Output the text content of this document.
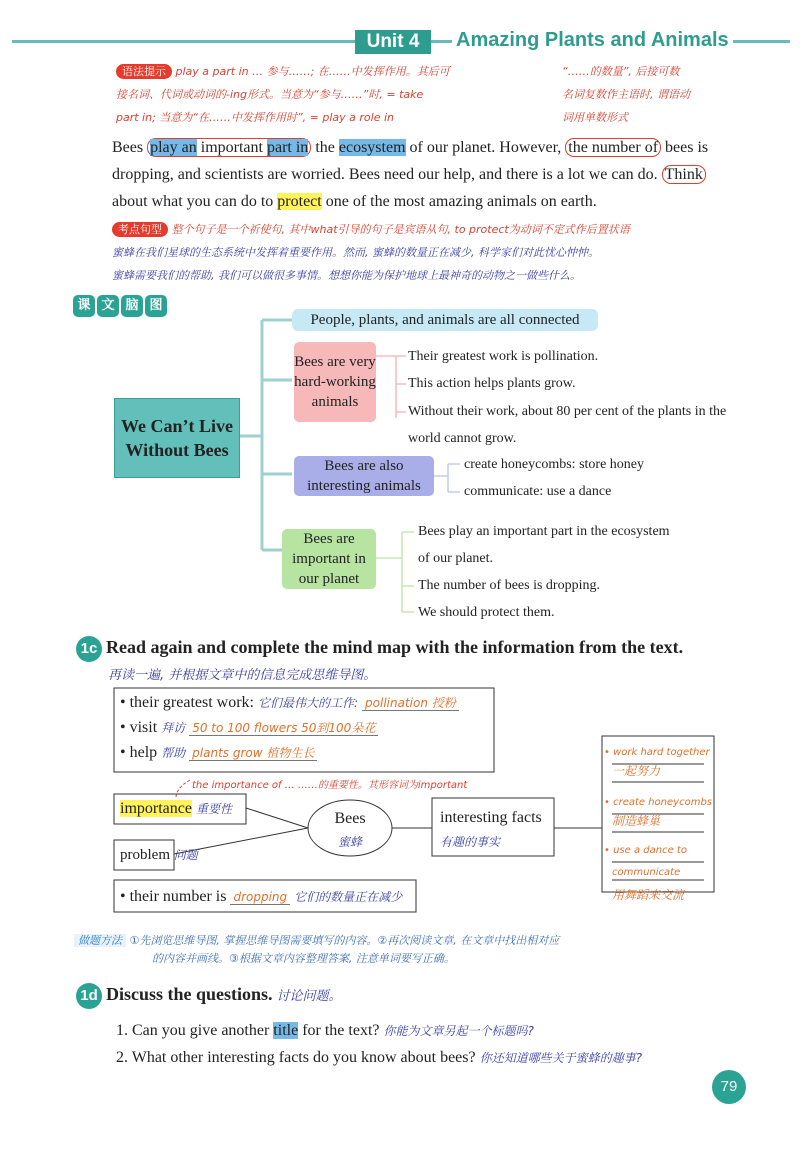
Unit 4	Amazing Plants and Animals
语法提示 play a part in … 参与……; 在……中发挥作用。其后可
接名词、代词或动词的-ing形式。当意为“参与……”时, = take
part in; 当意为“在……中发挥作用时”, = play a role in
“……的数量”, 后接可数
名词复数作主语时, 谓语动
词用单数形式
Bees play an important part in the ecosystem of our planet. However, the number of bees is dropping, and scientists are worried. Bees need our help, and there is a lot we can do. Think about what you can do to protect one of the most amazing animals on earth.
考点句型 整个句子是一个祈使句, 其中what引导的句子是宾语从句, to protect为动词不定式作后置状语
蜜蜂在我们星球的生态系统中发挥着重要作用。然而, 蜜蜂的数量正在减少, 科学家们对此忧心忡忡。
蜜蜂需要我们的帮助, 我们可以做很多事情。想想你能为保护地球上最神奇的动物之一做些什么。
课 文 脑 图
We Can’t Live Without Bees
People, plants, and animals are all connected
Bees are very hard-working animals
Their greatest work is pollination.
This action helps plants grow.
Without their work, about 80 per cent of the plants in the
world cannot grow.
Bees are also interesting animals
create honeycombs: store honey
communicate: use a dance
Bees are important in our planet
Bees play an important part in the ecosystem
of our planet.
The number of bees is dropping.
We should protect them.
1c Read again and complete the mind map with the information from the text.
再读一遍, 并根据文章中的信息完成思维导图。
• their greatest work: 它们最伟大的工作: pollination 授粉
• visit 拜访 50 to 100 flowers 50到100朵花
• help 帮助 plants grow 植物生长
the importance of … ……的重要性。其形容词为important
importance 重要性
problem 问题
• their number is dropping 它们的数量正在减少
Bees
蜜蜂
interesting facts
有趣的事实
• work hard together
一起努力
• create honeycombs
制造蜂巢
• use a dance to
communicate
用舞蹈来交流
做题方法 ①先浏览思维导图, 掌握思维导图需要填写的内容。②再次阅读文章, 在文章中找出相对应
的内容并画线。③根据文章内容整理答案, 注意单词要写正确。
1d Discuss the questions. 讨论问题。
1. Can you give another title for the text? 你能为文章另起一个标题吗?
2. What other interesting facts do you know about bees? 你还知道哪些关于蜜蜂的趣事?
79
